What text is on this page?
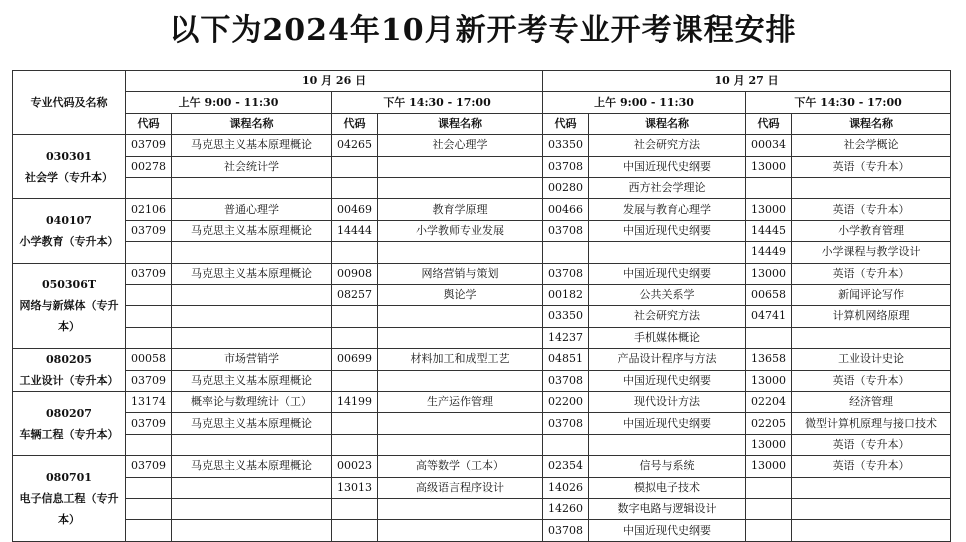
以下为2024年10月新开考专业开考课程安排
专业代码及名称	10 月 26 日				10 月 27 日			
	上午 9:00 - 11:30		下午 14:30 - 17:00		上午 9:00 - 11:30		下午 14:30 - 17:00	
	代码	课程名称	代码	课程名称	代码	课程名称	代码	课程名称

030301
社会学（专升本）	03709	马克思主义基本原理概论	04265	社会心理学	03350	社会研究方法	00034	社会学概论
	00278	社会统计学			03708	中国近现代史纲要	13000	英语（专升本）
					00280	西方社会学理论		

040107
小学教育（专升本）	02106	普通心理学	00469	教育学原理	00466	发展与教育心理学	13000	英语（专升本）
	03709	马克思主义基本原理概论	14444	小学教师专业发展	03708	中国近现代史纲要	14445	小学教育管理
							14449	小学课程与教学设计

050306T
网络与新媒体（专升本）	03709	马克思主义基本原理概论	00908	网络营销与策划	03708	中国近现代史纲要	13000	英语（专升本）
			08257	舆论学	00182	公共关系学	00658	新闻评论写作
					03350	社会研究方法	04741	计算机网络原理
					14237	手机媒体概论		

080205
工业设计（专升本）	00058	市场营销学	00699	材料加工和成型工艺	04851	产品设计程序与方法	13658	工业设计史论
	03709	马克思主义基本原理概论			03708	中国近现代史纲要	13000	英语（专升本）

080207
车辆工程（专升本）	13174	概率论与数理统计（工）	14199	生产运作管理	02200	现代设计方法	02204	经济管理
	03709	马克思主义基本原理概论			03708	中国近现代史纲要	02205	微型计算机原理与接口技术
							13000	英语（专升本）

080701
电子信息工程（专升本）	03709	马克思主义基本原理概论	00023	高等数学（工本）	02354	信号与系统	13000	英语（专升本）
			13013	高级语言程序设计	14026	模拟电子技术		
					14260	数字电路与逻辑设计		
					03708	中国近现代史纲要		
